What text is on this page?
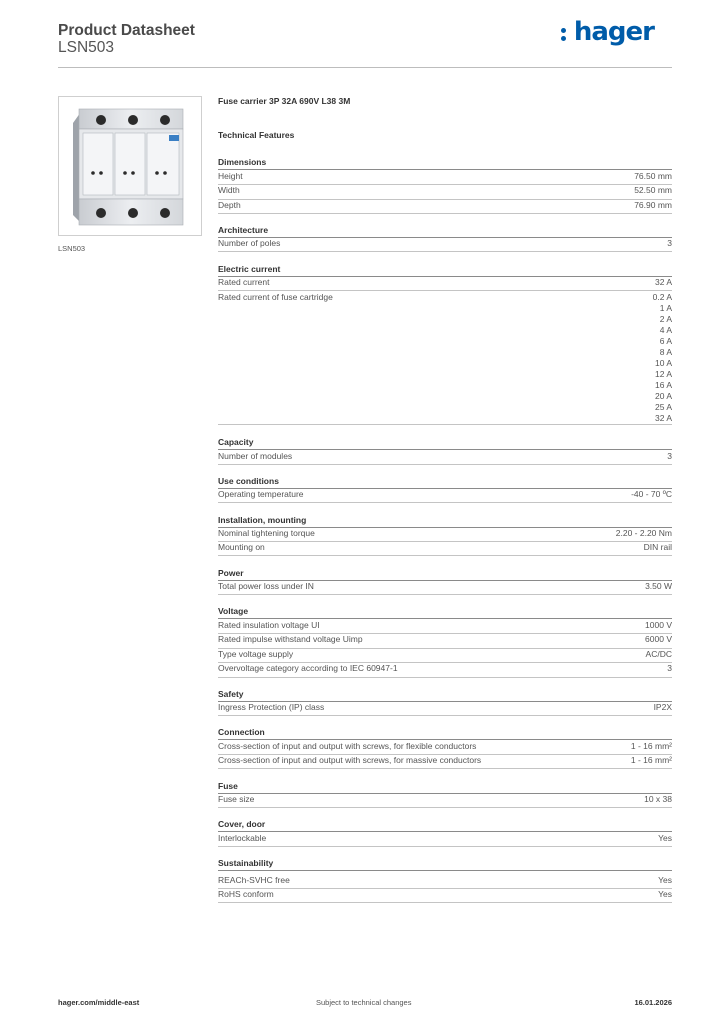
Product Datasheet
LSN503
hager
LSN503
Fuse carrier 3P 32A 690V L38 3M
Technical Features
Dimensions
Height	76.50 mm
Width	52.50 mm
Depth	76.90 mm
Architecture
Number of poles	3
Electric current
Rated current	32 A
Rated current of fuse cartridge	0.2 A
1 A
2 A
4 A
6 A
8 A
10 A
12 A
16 A
20 A
25 A
32 A
Capacity
Number of modules	3
Use conditions
Operating temperature	-40 - 70 ºC
Installation, mounting
Nominal tightening torque	2.20 - 2.20 Nm
Mounting on	DIN rail
Power
Total power loss under IN	3.50 W
Voltage
Rated insulation voltage UI	1000 V
Rated impulse withstand voltage Uimp	6000 V
Type voltage supply	AC/DC
Overvoltage category according to IEC 60947-1	3
Safety
Ingress Protection (IP) class	IP2X
Connection
Cross-section of input and output with screws, for flexible conductors	1 - 16 mm²
Cross-section of input and output with screws, for massive conductors	1 - 16 mm²
Fuse
Fuse size	10 x 38
Cover, door
Interlockable	Yes
Sustainability
REACh-SVHC free	Yes
RoHS conform	Yes
hager.com/middle-east	Subject to technical changes	16.01.2026
